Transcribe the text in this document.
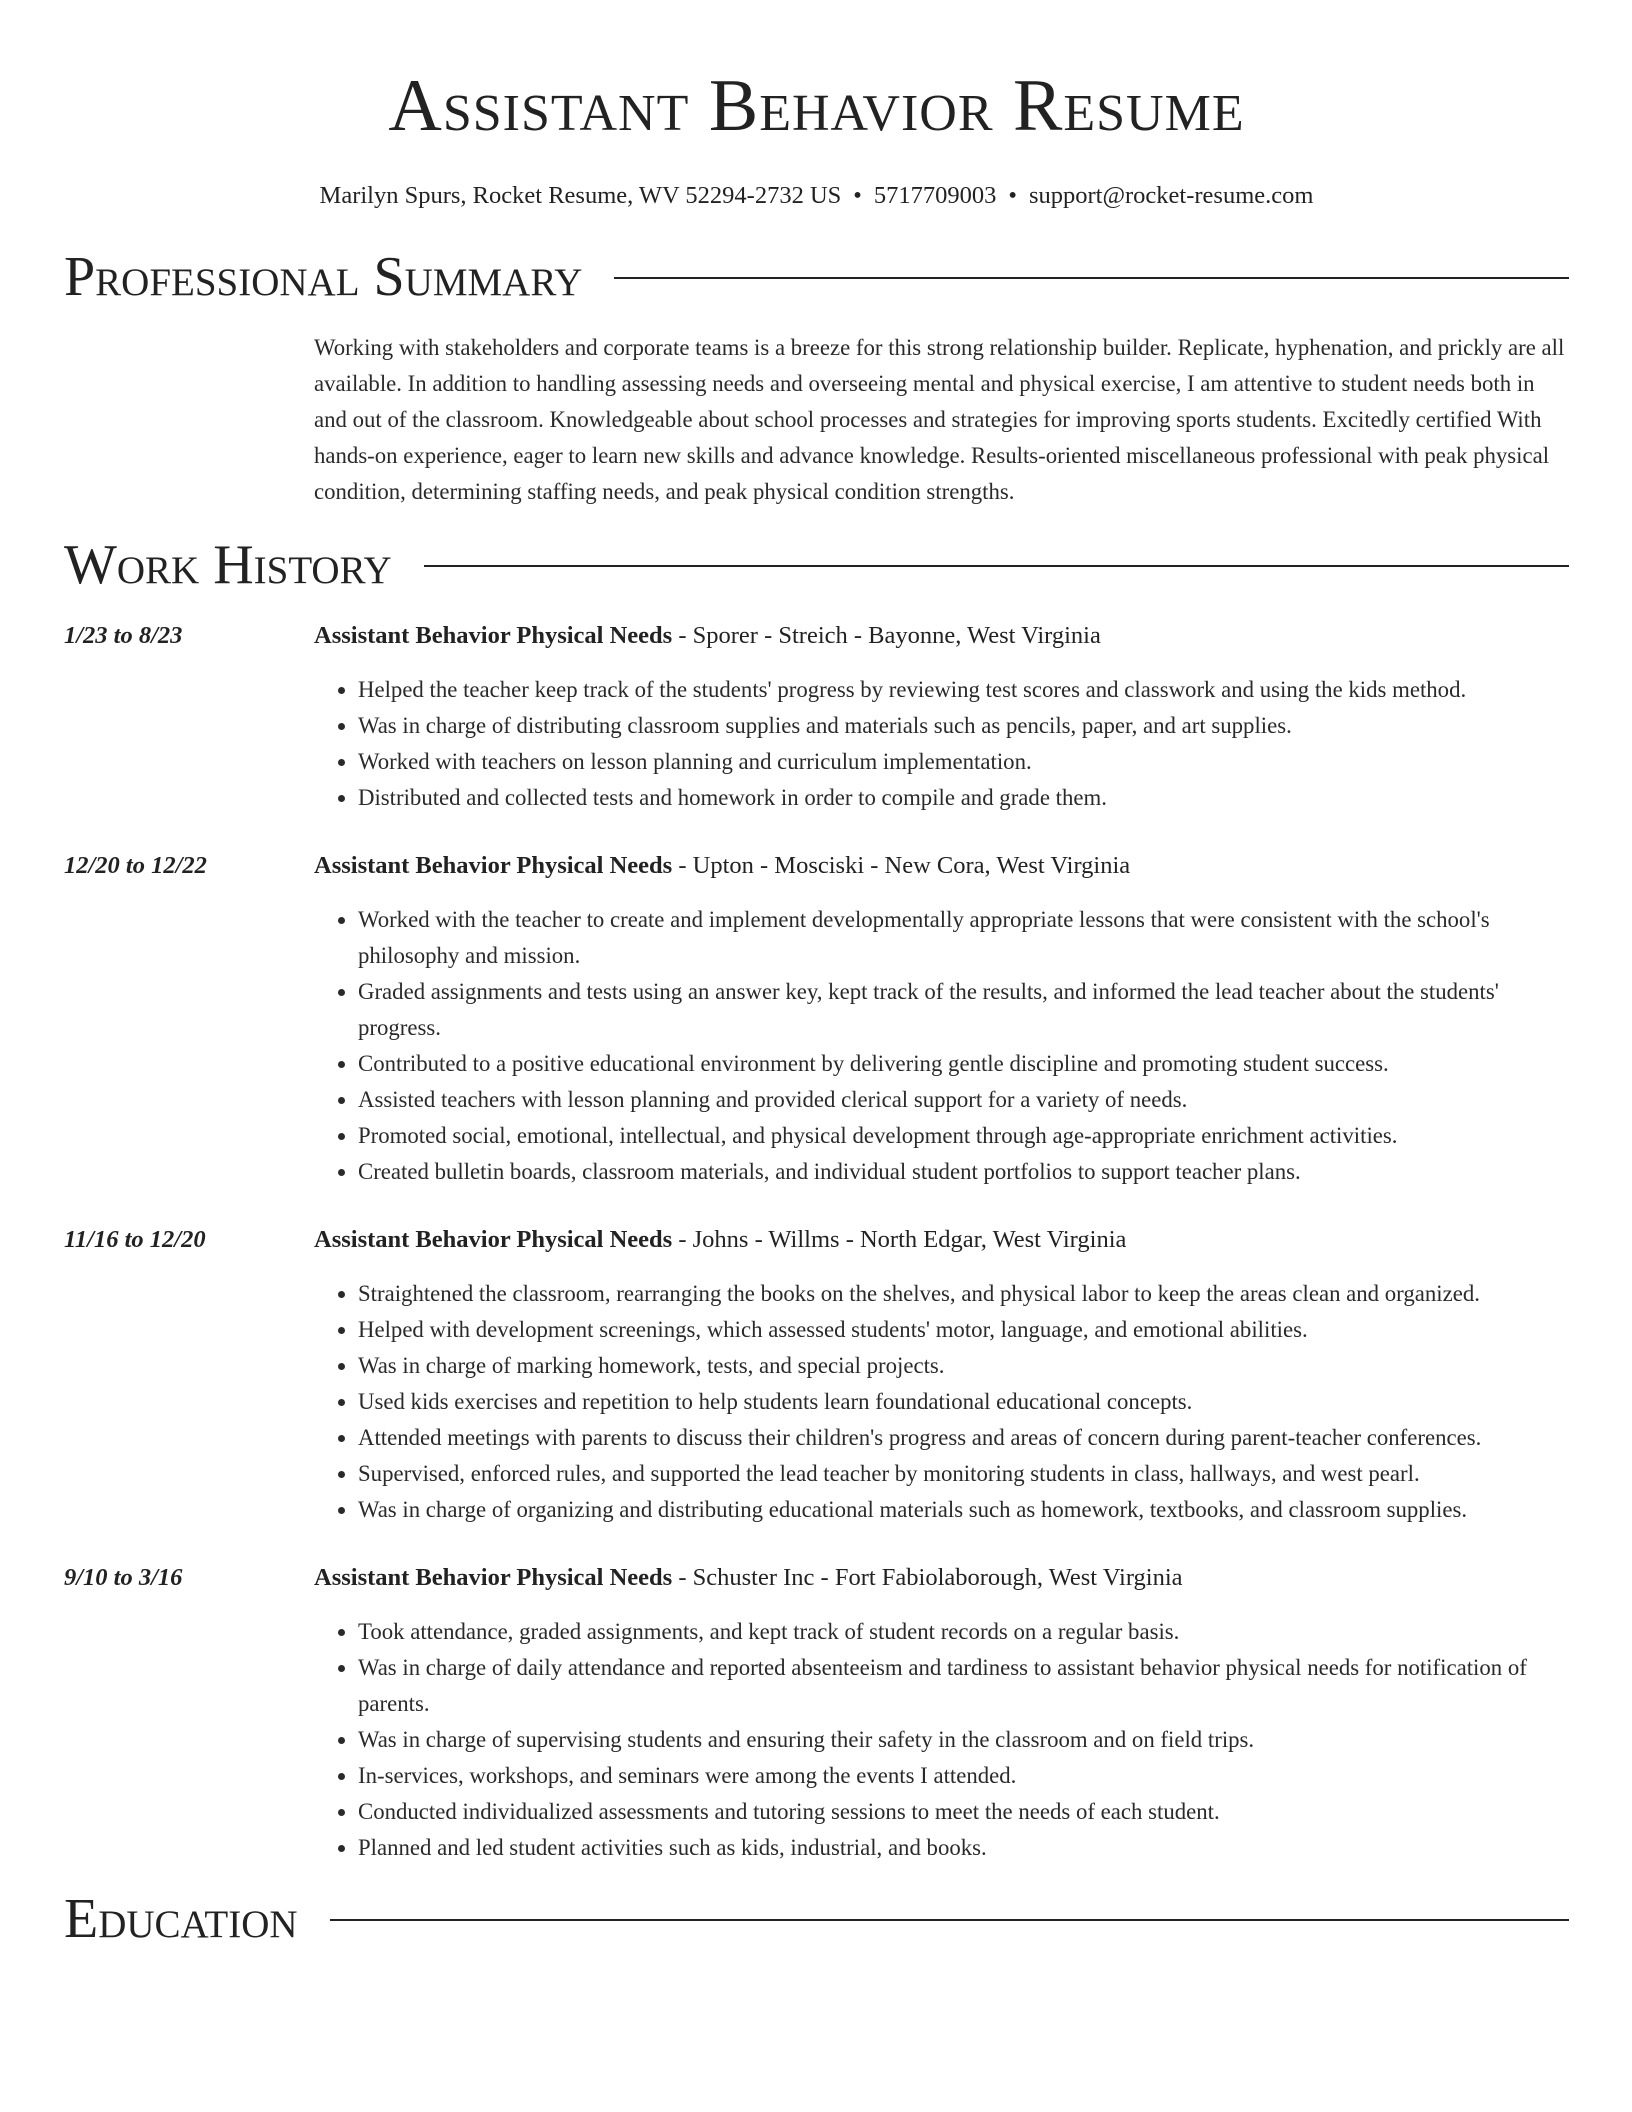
Assistant Behavior Resume
Marilyn Spurs, Rocket Resume, WV 52294-2732 US • 5717709003 • support@rocket-resume.com
Professional Summary
Working with stakeholders and corporate teams is a breeze for this strong relationship builder. Replicate, hyphenation, and prickly are all available. In addition to handling assessing needs and overseeing mental and physical exercise, I am attentive to student needs both in and out of the classroom. Knowledgeable about school processes and strategies for improving sports students. Excitedly certified With hands-on experience, eager to learn new skills and advance knowledge. Results-oriented miscellaneous professional with peak physical condition, determining staffing needs, and peak physical condition strengths.
Work History
1/23 to 8/23	Assistant Behavior Physical Needs - Sporer - Streich - Bayonne, West Virginia
• Helped the teacher keep track of the students' progress by reviewing test scores and classwork and using the kids method.
• Was in charge of distributing classroom supplies and materials such as pencils, paper, and art supplies.
• Worked with teachers on lesson planning and curriculum implementation.
• Distributed and collected tests and homework in order to compile and grade them.
12/20 to 12/22	Assistant Behavior Physical Needs - Upton - Mosciski - New Cora, West Virginia
• Worked with the teacher to create and implement developmentally appropriate lessons that were consistent with the school's philosophy and mission.
• Graded assignments and tests using an answer key, kept track of the results, and informed the lead teacher about the students' progress.
• Contributed to a positive educational environment by delivering gentle discipline and promoting student success.
• Assisted teachers with lesson planning and provided clerical support for a variety of needs.
• Promoted social, emotional, intellectual, and physical development through age-appropriate enrichment activities.
• Created bulletin boards, classroom materials, and individual student portfolios to support teacher plans.
11/16 to 12/20	Assistant Behavior Physical Needs - Johns - Willms - North Edgar, West Virginia
• Straightened the classroom, rearranging the books on the shelves, and physical labor to keep the areas clean and organized.
• Helped with development screenings, which assessed students' motor, language, and emotional abilities.
• Was in charge of marking homework, tests, and special projects.
• Used kids exercises and repetition to help students learn foundational educational concepts.
• Attended meetings with parents to discuss their children's progress and areas of concern during parent-teacher conferences.
• Supervised, enforced rules, and supported the lead teacher by monitoring students in class, hallways, and west pearl.
• Was in charge of organizing and distributing educational materials such as homework, textbooks, and classroom supplies.
9/10 to 3/16	Assistant Behavior Physical Needs - Schuster Inc - Fort Fabiolaborough, West Virginia
• Took attendance, graded assignments, and kept track of student records on a regular basis.
• Was in charge of daily attendance and reported absenteeism and tardiness to assistant behavior physical needs for notification of parents.
• Was in charge of supervising students and ensuring their safety in the classroom and on field trips.
• In-services, workshops, and seminars were among the events I attended.
• Conducted individualized assessments and tutoring sessions to meet the needs of each student.
• Planned and led student activities such as kids, industrial, and books.
Education
